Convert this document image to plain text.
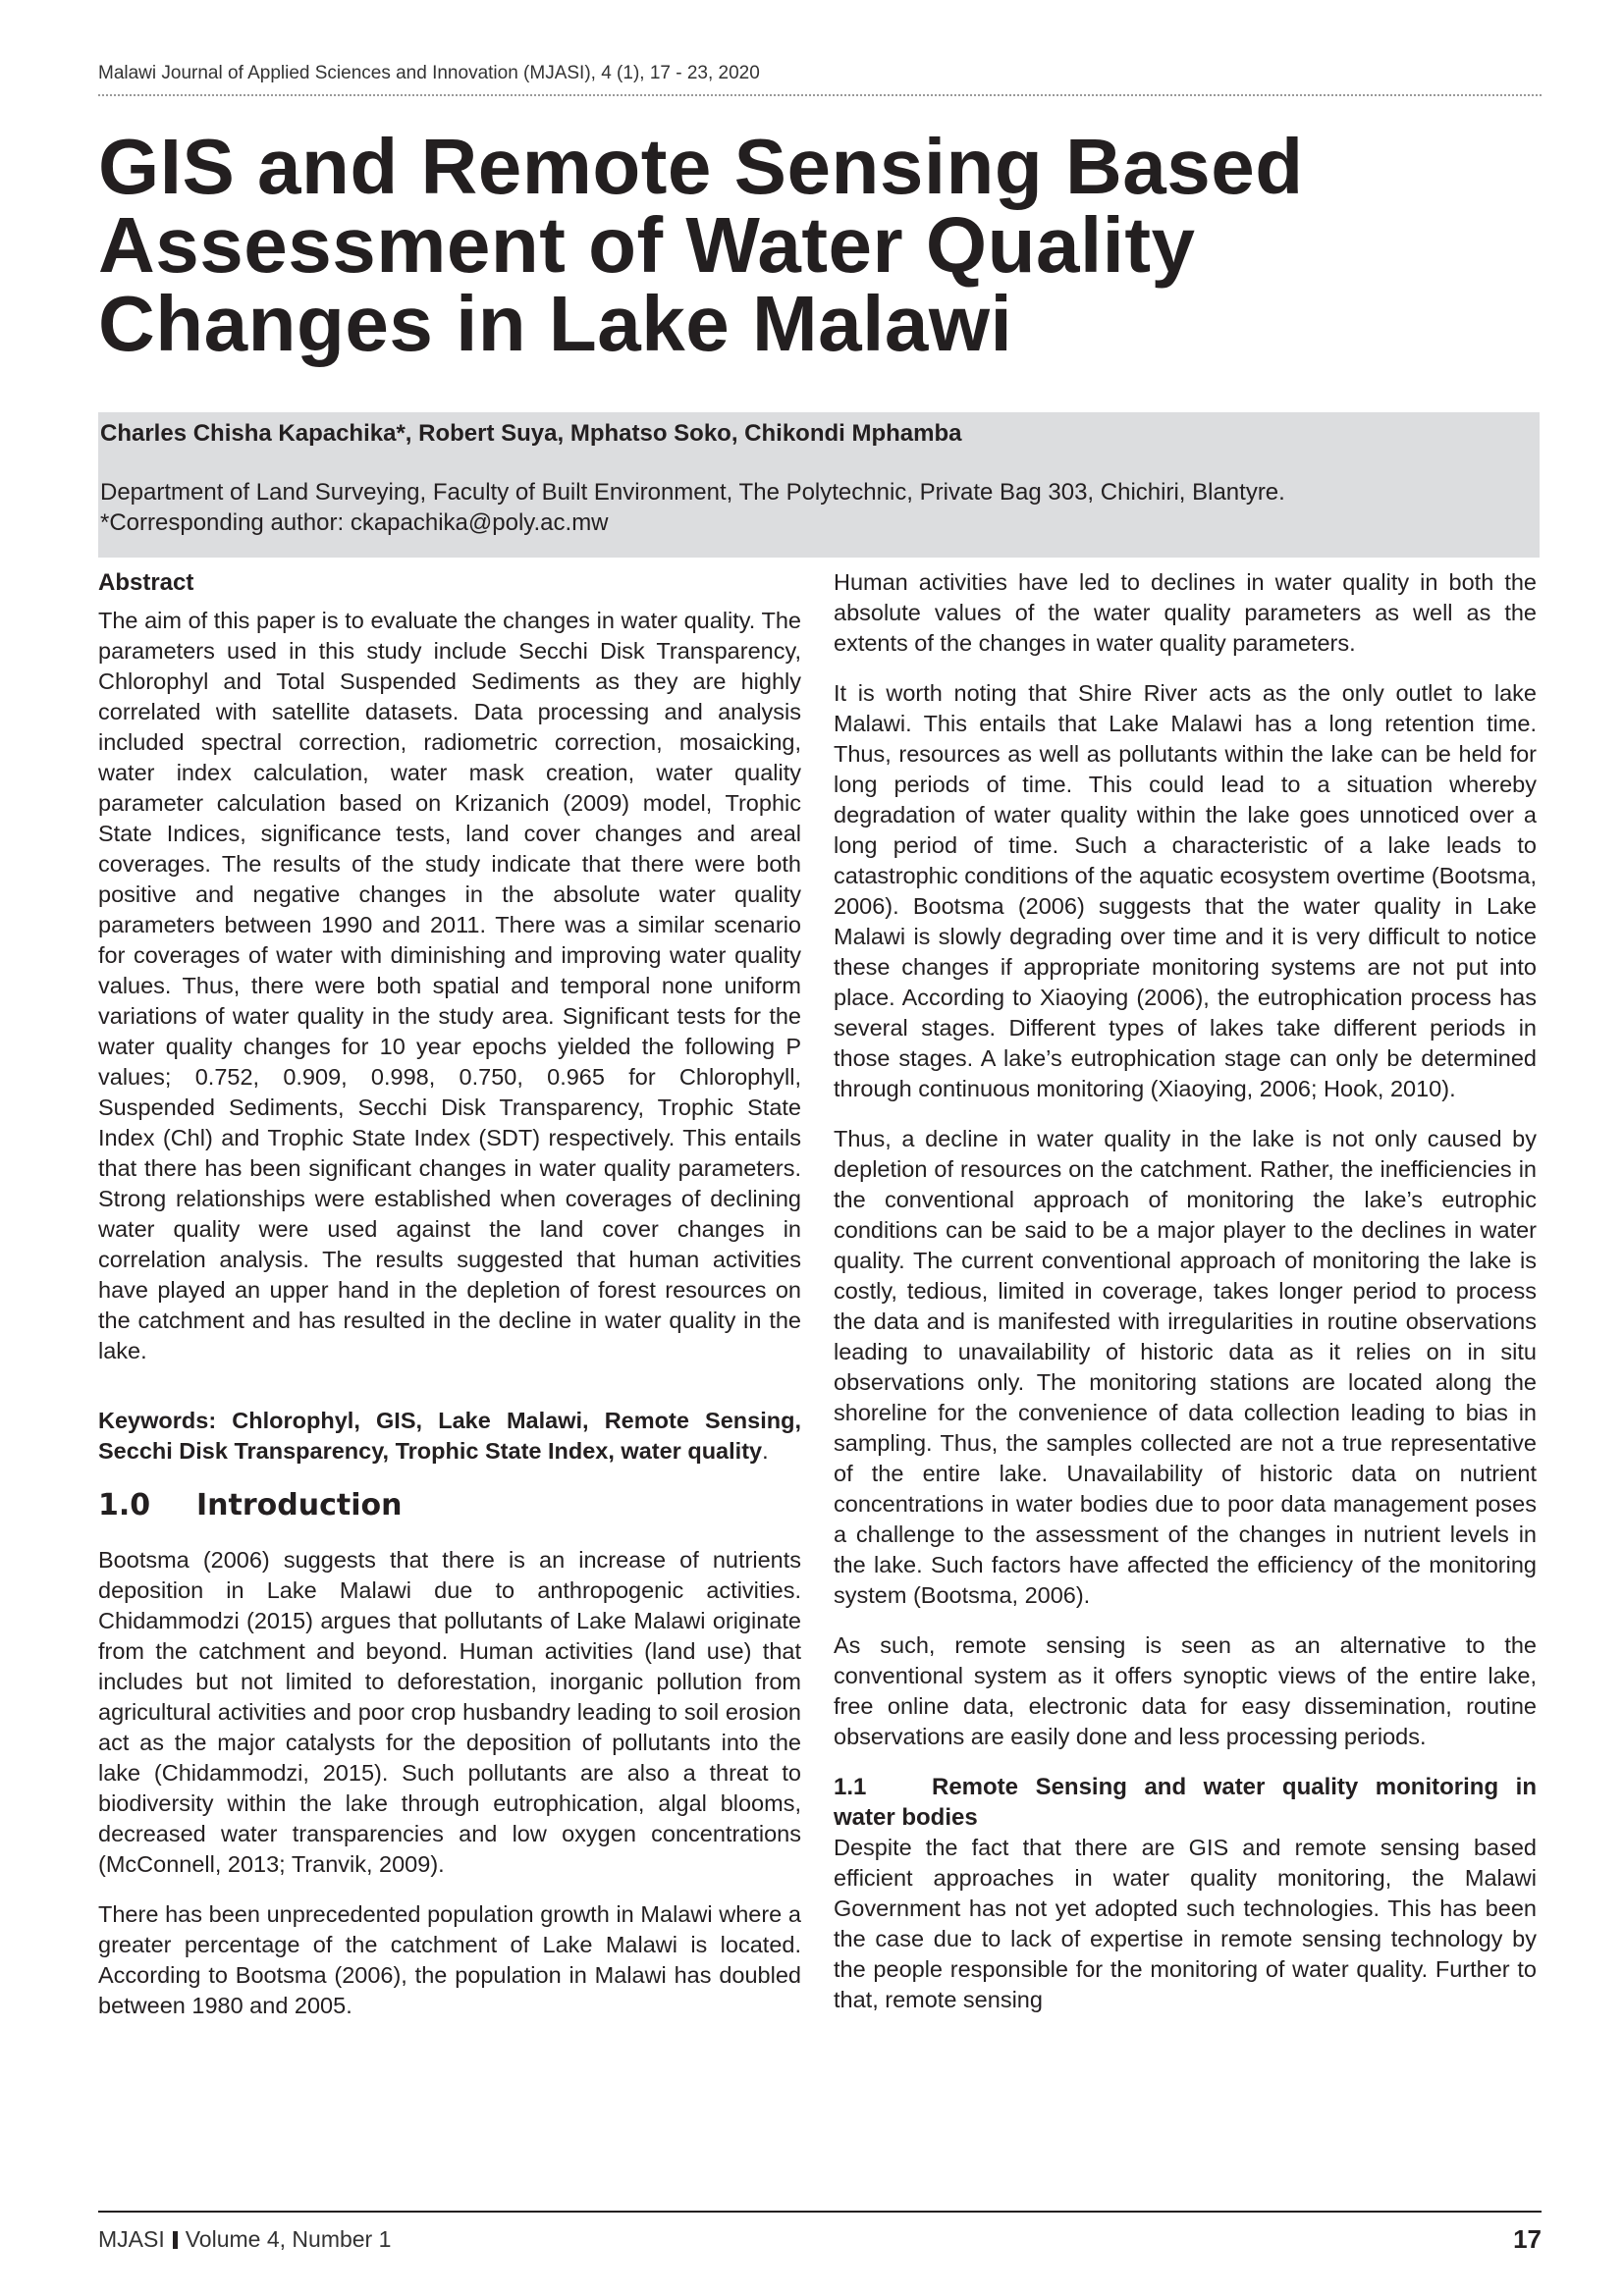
Malawi Journal of Applied Sciences and Innovation (MJASI), 4 (1), 17 - 23, 2020
GIS and Remote Sensing Based
Assessment of Water Quality
Changes in Lake Malawi
Charles Chisha Kapachika*, Robert Suya, Mphatso Soko, Chikondi Mphamba
Department of Land Surveying, Faculty of Built Environment, The Polytechnic, Private Bag 303, Chichiri, Blantyre.
*Corresponding author: ckapachika@poly.ac.mw
Abstract

The aim of this paper is to evaluate the changes in water quality. The parameters used in this study include Secchi Disk Transparency, Chlorophyl and Total Suspended Sediments as they are highly correlated with satellite datasets. Data processing and analysis included spectral correction, radiometric correction, mosaicking, water index calculation, water mask creation, water quality parameter calculation based on Krizanich (2009) model, Trophic State Indices, significance tests, land cover changes and areal coverages. The results of the study indicate that there were both positive and negative changes in the absolute water quality parameters between 1990 and 2011. There was a similar scenario for coverages of water with diminishing and improving water quality values. Thus, there were both spatial and temporal none uniform variations of water quality in the study area. Significant tests for the water quality changes for 10 year epochs yielded the following P values; 0.752, 0.909, 0.998, 0.750, 0.965 for Chlorophyll, Suspended Sediments, Secchi Disk Transparency, Trophic State Index (Chl) and Trophic State Index (SDT) respectively. This entails that there has been significant changes in water quality parameters. Strong relationships were established when coverages of declining water quality were used against the land cover changes in correlation analysis. The results suggested that human activities have played an upper hand in the depletion of forest resources on the catchment and has resulted in the decline in water quality in the lake.

Keywords: Chlorophyl, GIS, Lake Malawi, Remote Sensing, Secchi Disk Transparency, Trophic State Index, water quality.

1.0 Introduction

Bootsma (2006) suggests that there is an increase of nutrients deposition in Lake Malawi due to anthropogenic activities. Chidammodzi (2015) argues that pollutants of Lake Malawi originate from the catchment and beyond. Human activities (land use) that includes but not limited to deforestation, inorganic pollution from agricultural activities and poor crop husbandry leading to soil erosion act as the major catalysts for the deposition of pollutants into the lake (Chidammodzi, 2015). Such pollutants are also a threat to biodiversity within the lake through eutrophication, algal blooms, decreased water transparencies and low oxygen concentrations (McConnell, 2013; Tranvik, 2009).

There has been unprecedented population growth in Malawi where a greater percentage of the catchment of Lake Malawi is located. According to Bootsma (2006), the population in Malawi has doubled between 1980 and 2005.

Human activities have led to declines in water quality in both the absolute values of the water quality parameters as well as the extents of the changes in water quality parameters.

It is worth noting that Shire River acts as the only outlet to lake Malawi. This entails that Lake Malawi has a long retention time. Thus, resources as well as pollutants within the lake can be held for long periods of time. This could lead to a situation whereby degradation of water quality within the lake goes unnoticed over a long period of time. Such a characteristic of a lake leads to catastrophic conditions of the aquatic ecosystem overtime (Bootsma, 2006). Bootsma (2006) suggests that the water quality in Lake Malawi is slowly degrading over time and it is very difficult to notice these changes if appropriate monitoring systems are not put into place. According to Xiaoying (2006), the eutrophication process has several stages. Different types of lakes take different periods in those stages. A lake’s eutrophication stage can only be determined through continuous monitoring (Xiaoying, 2006; Hook, 2010).

Thus, a decline in water quality in the lake is not only caused by depletion of resources on the catchment. Rather, the inefficiencies in the conventional approach of monitoring the lake’s eutrophic conditions can be said to be a major player to the declines in water quality. The current conventional approach of monitoring the lake is costly, tedious, limited in coverage, takes longer period to process the data and is manifested with irregularities in routine observations leading to unavailability of historic data as it relies on in situ observations only. The monitoring stations are located along the shoreline for the convenience of data collection leading to bias in sampling. Thus, the samples collected are not a true representative of the entire lake. Unavailability of historic data on nutrient concentrations in water bodies due to poor data management poses a challenge to the assessment of the changes in nutrient levels in the lake. Such factors have affected the efficiency of the monitoring system (Bootsma, 2006).

As such, remote sensing is seen as an alternative to the conventional system as it offers synoptic views of the entire lake, free online data, electronic data for easy dissemination, routine observations are easily done and less processing periods.

1.1	Remote Sensing and water quality monitoring in water bodies

Despite the fact that there are GIS and remote sensing based efficient approaches in water quality monitoring, the Malawi Government has not yet adopted such technologies. This has been the case due to lack of expertise in remote sensing technology by the people responsible for the monitoring of water quality. Further to that, remote sensing

MJASI Volume 4, Number 1	17
